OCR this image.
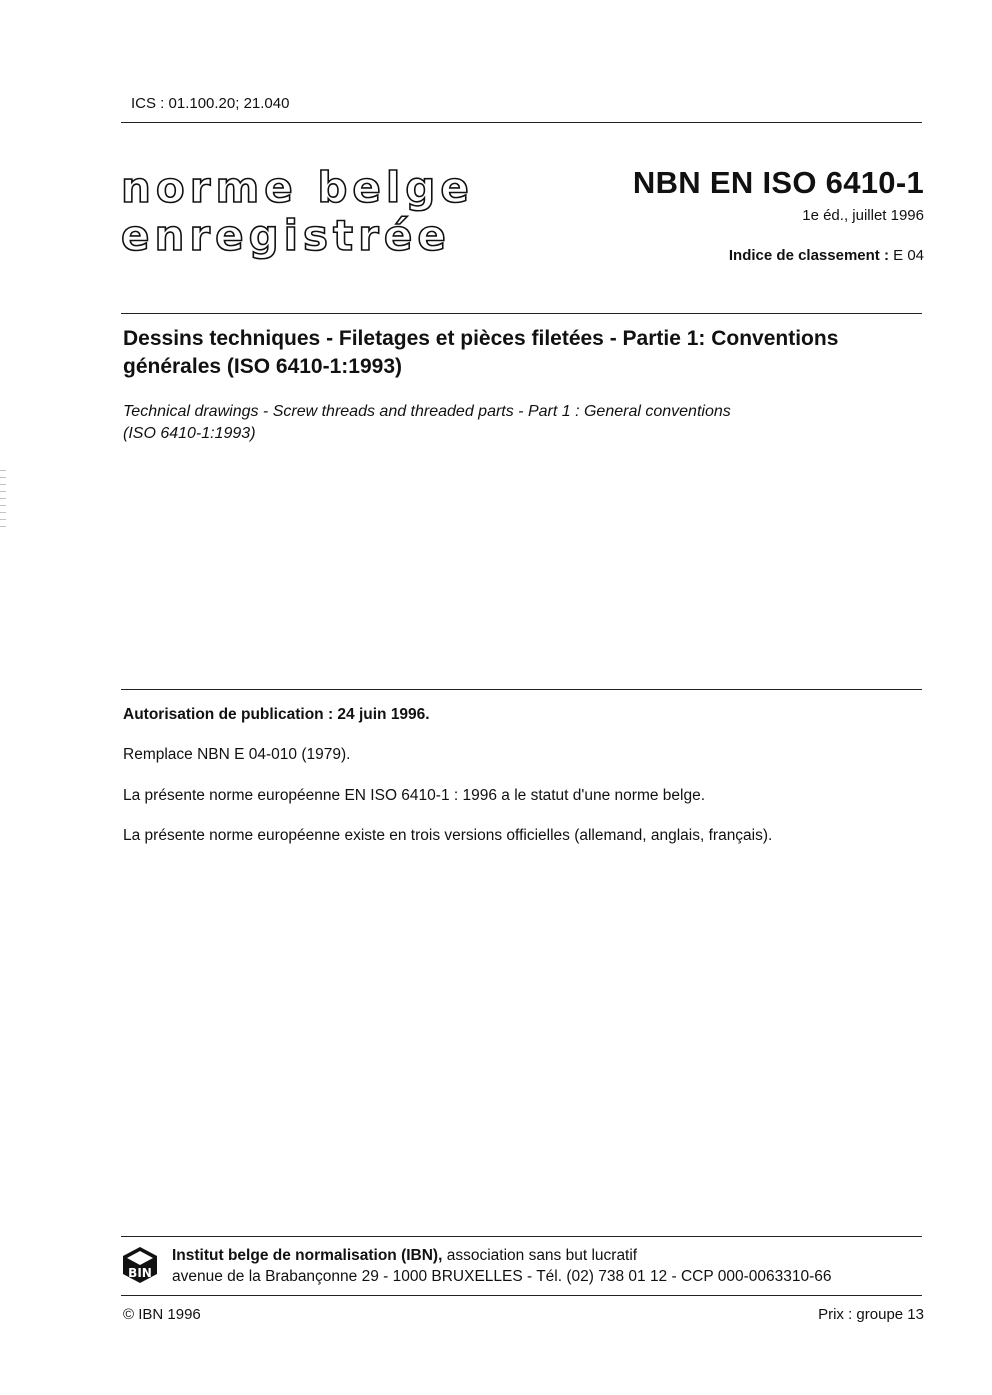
ICS : 01.100.20; 21.040
norme belge
enregistrée
NBN EN ISO 6410-1
1e éd., juillet 1996
Indice de classement : E 04
Dessins techniques - Filetages et pièces filetées - Partie 1: Conventions générales (ISO 6410-1:1993)
Technical drawings - Screw threads and threaded parts - Part 1 : General conventions
(ISO 6410-1:1993)
Autorisation de publication : 24 juin 1996.
Remplace NBN E 04-010 (1979).
La présente norme européenne EN ISO 6410-1 : 1996 a le statut d'une norme belge.
La présente norme européenne existe en trois versions officielles (allemand, anglais, français).
BIN
Institut belge de normalisation (IBN), association sans but lucratif
avenue de la Brabançonne 29 - 1000 BRUXELLES - Tél. (02) 738 01 12 - CCP 000-0063310-66
© IBN 1996	Prix : groupe 13
